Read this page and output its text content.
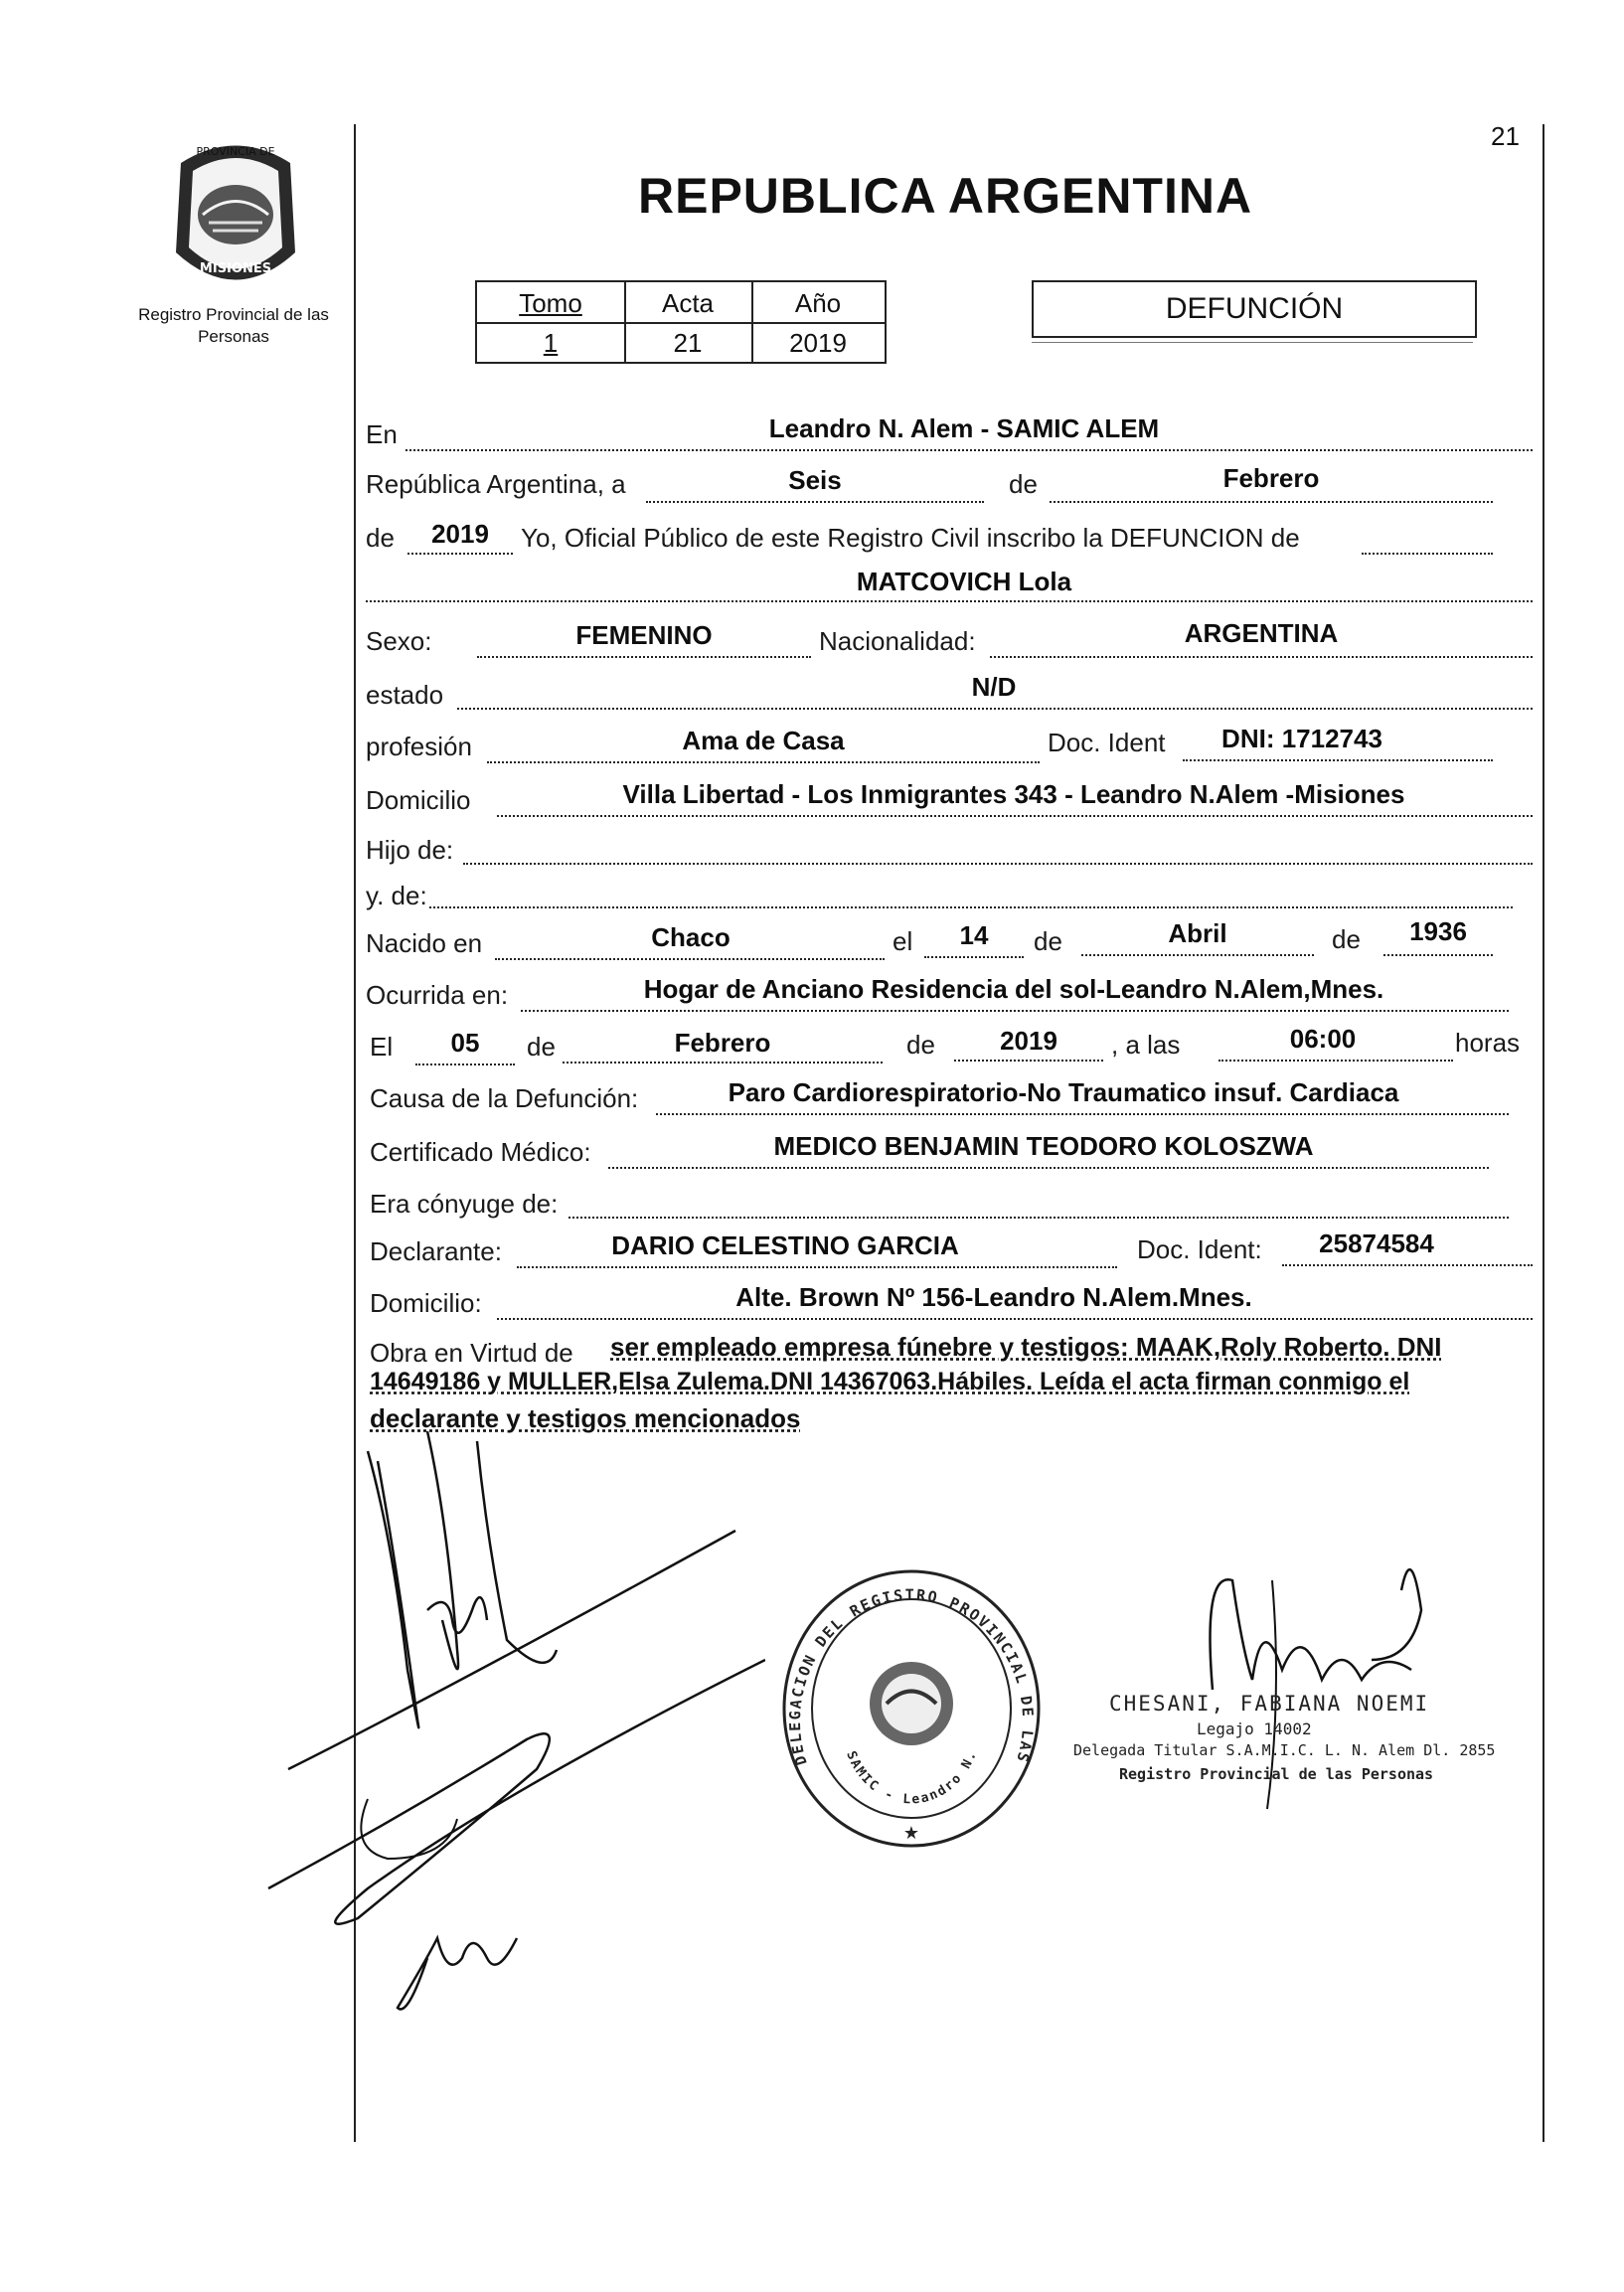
21
PROVINCIA DE
MISIONES
Registro Provincial de las Personas
REPUBLICA ARGENTINA
Tomo	Acta	Año
1	21	2019
DEFUNCIÓN
En	Leandro N. Alem - SAMIC ALEM
República Argentina, a	Seis	de	Febrero
de	2019	Yo, Oficial Público de este Registro Civil inscribo la DEFUNCION de
MATCOVICH Lola
Sexo:	FEMENINO	Nacionalidad:	ARGENTINA
estado	N/D
profesión	Ama de Casa	Doc. Ident	DNI: 1712743
Domicilio	Villa Libertad - Los Inmigrantes 343 - Leandro N.Alem -Misiones
Hijo de:
y. de:
Nacido en	Chaco	el	14	de	Abril	de	1936
Ocurrida en:	Hogar de Anciano Residencia del sol-Leandro N.Alem,Mnes.
El	05	de	Febrero	de	2019	, a las	06:00	horas
Causa de la Defunción:	Paro Cardiorespiratorio-No Traumatico insuf. Cardiaca
Certificado Médico:	MEDICO BENJAMIN TEODORO KOLOSZWA
Era cónyuge de:
Declarante:	DARIO CELESTINO GARCIA	Doc. Ident:	25874584
Domicilio:	Alte. Brown Nº 156-Leandro N.Alem.Mnes.
Obra en Virtud de ser empleado empresa fúnebre y testigos: MAAK,Roly Roberto. DNI
14649186 y MULLER,Elsa Zulema.DNI 14367063.Hábiles. Leída el acta firman conmigo el
declarante y testigos mencionados
DELEGACION DEL REGISTRO PROVINCIAL DE LAS
SAMIC - Leandro N.
★
CHESANI, FABIANA NOEMI
Legajo 14002
Delegada Titular S.A.M.I.C. L. N. Alem Dl. 2855
Registro Provincial de las Personas
